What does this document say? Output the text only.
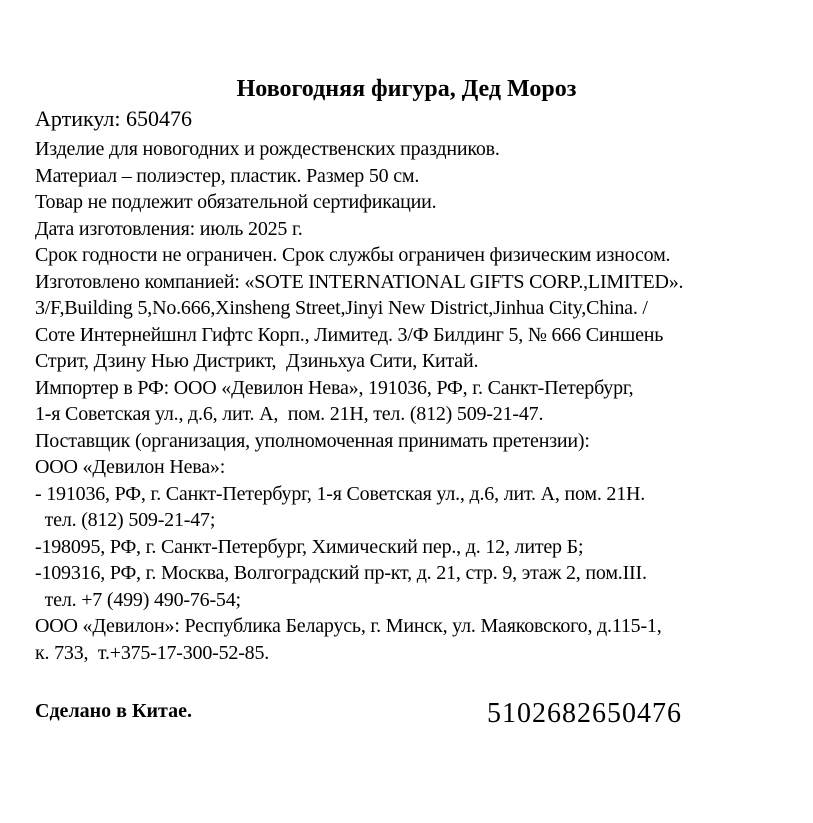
Новогодняя фигура, Дед Мороз
Артикул: 650476
Изделие для новогодних и рождественских праздников.
Материал – полиэстер, пластик. Размер 50 см.
Товар не подлежит обязательной сертификации.
Дата изготовления: июль 2025 г.
Срок годности не ограничен. Срок службы ограничен физическим износом.
Изготовлено компанией: «SOTE INTERNATIONAL GIFTS CORP.,LIMITED».
3/F,Building 5,No.666,Xinsheng Street,Jinyi New District,Jinhua City,China. /
Соте Интернейшнл Гифтс Корп., Лимитед. 3/Ф Билдинг 5, № 666 Синшень
Стрит, Дзину Нью Дистрикт,  Дзиньхуа Сити, Китай.
Импортер в РФ: ООО «Девилон Нева», 191036, РФ, г. Санкт-Петербург,
1-я Советская ул., д.6, лит. А,  пом. 21Н, тел. (812) 509-21-47.
Поставщик (организация, уполномоченная принимать претензии):
ООО «Девилон Нева»:
- 191036, РФ, г. Санкт-Петербург, 1-я Советская ул., д.6, лит. А, пом. 21Н.
тел. (812) 509-21-47;
-198095, РФ, г. Санкт-Петербург, Химический пер., д. 12, литер Б;
-109316, РФ, г. Москва, Волгоградский пр-кт, д. 21, стр. 9, этаж 2, пом.III.
тел. +7 (499) 490-76-54;
ООО «Девилон»: Республика Беларусь, г. Минск, ул. Маяковского, д.115-1,
к. 733,  т.+375-17-300-52-85.
Сделано в Китае.	5102682650476
